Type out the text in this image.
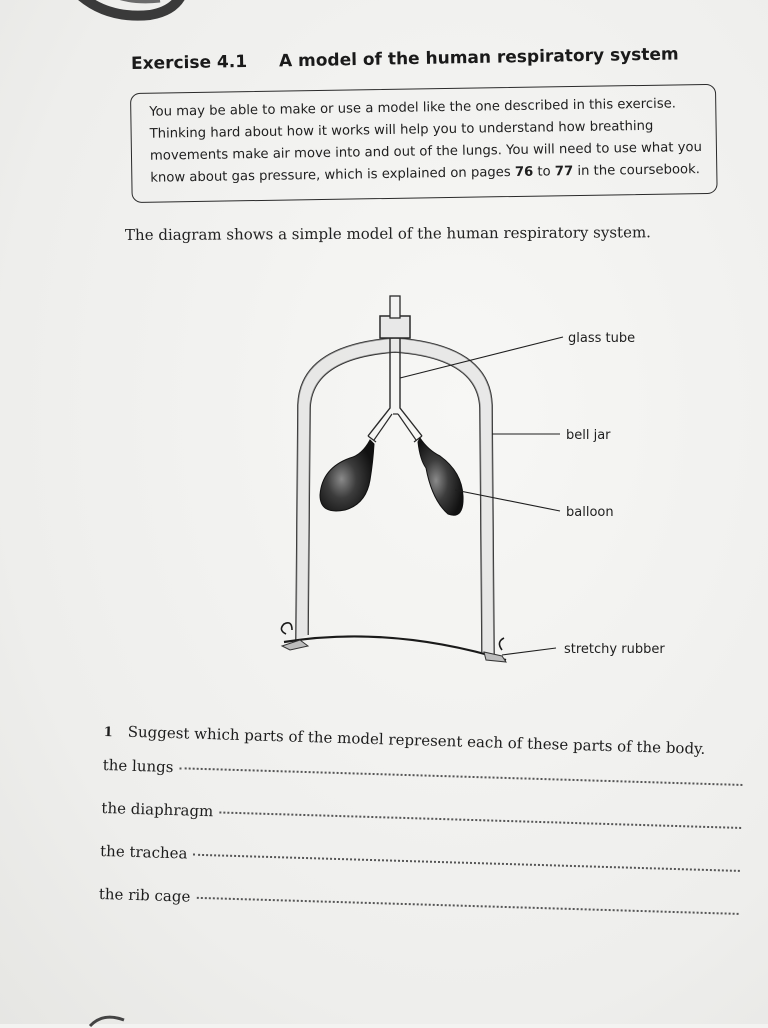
Exercise 4.1 A model of the human respiratory system
You may be able to make or use a model like the one described in this exercise. Thinking hard about how it works will help you to understand how breathing movements make air move into and out of the lungs. You will need to use what you know about gas pressure, which is explained on pages 76 to 77 in the coursebook.
The diagram shows a simple model of the human respiratory system.
glass tube
bell jar
balloon
stretchy rubber
1 Suggest which parts of the model represent each of these parts of the body.
the lungs
the diaphragm
the trachea
the rib cage
